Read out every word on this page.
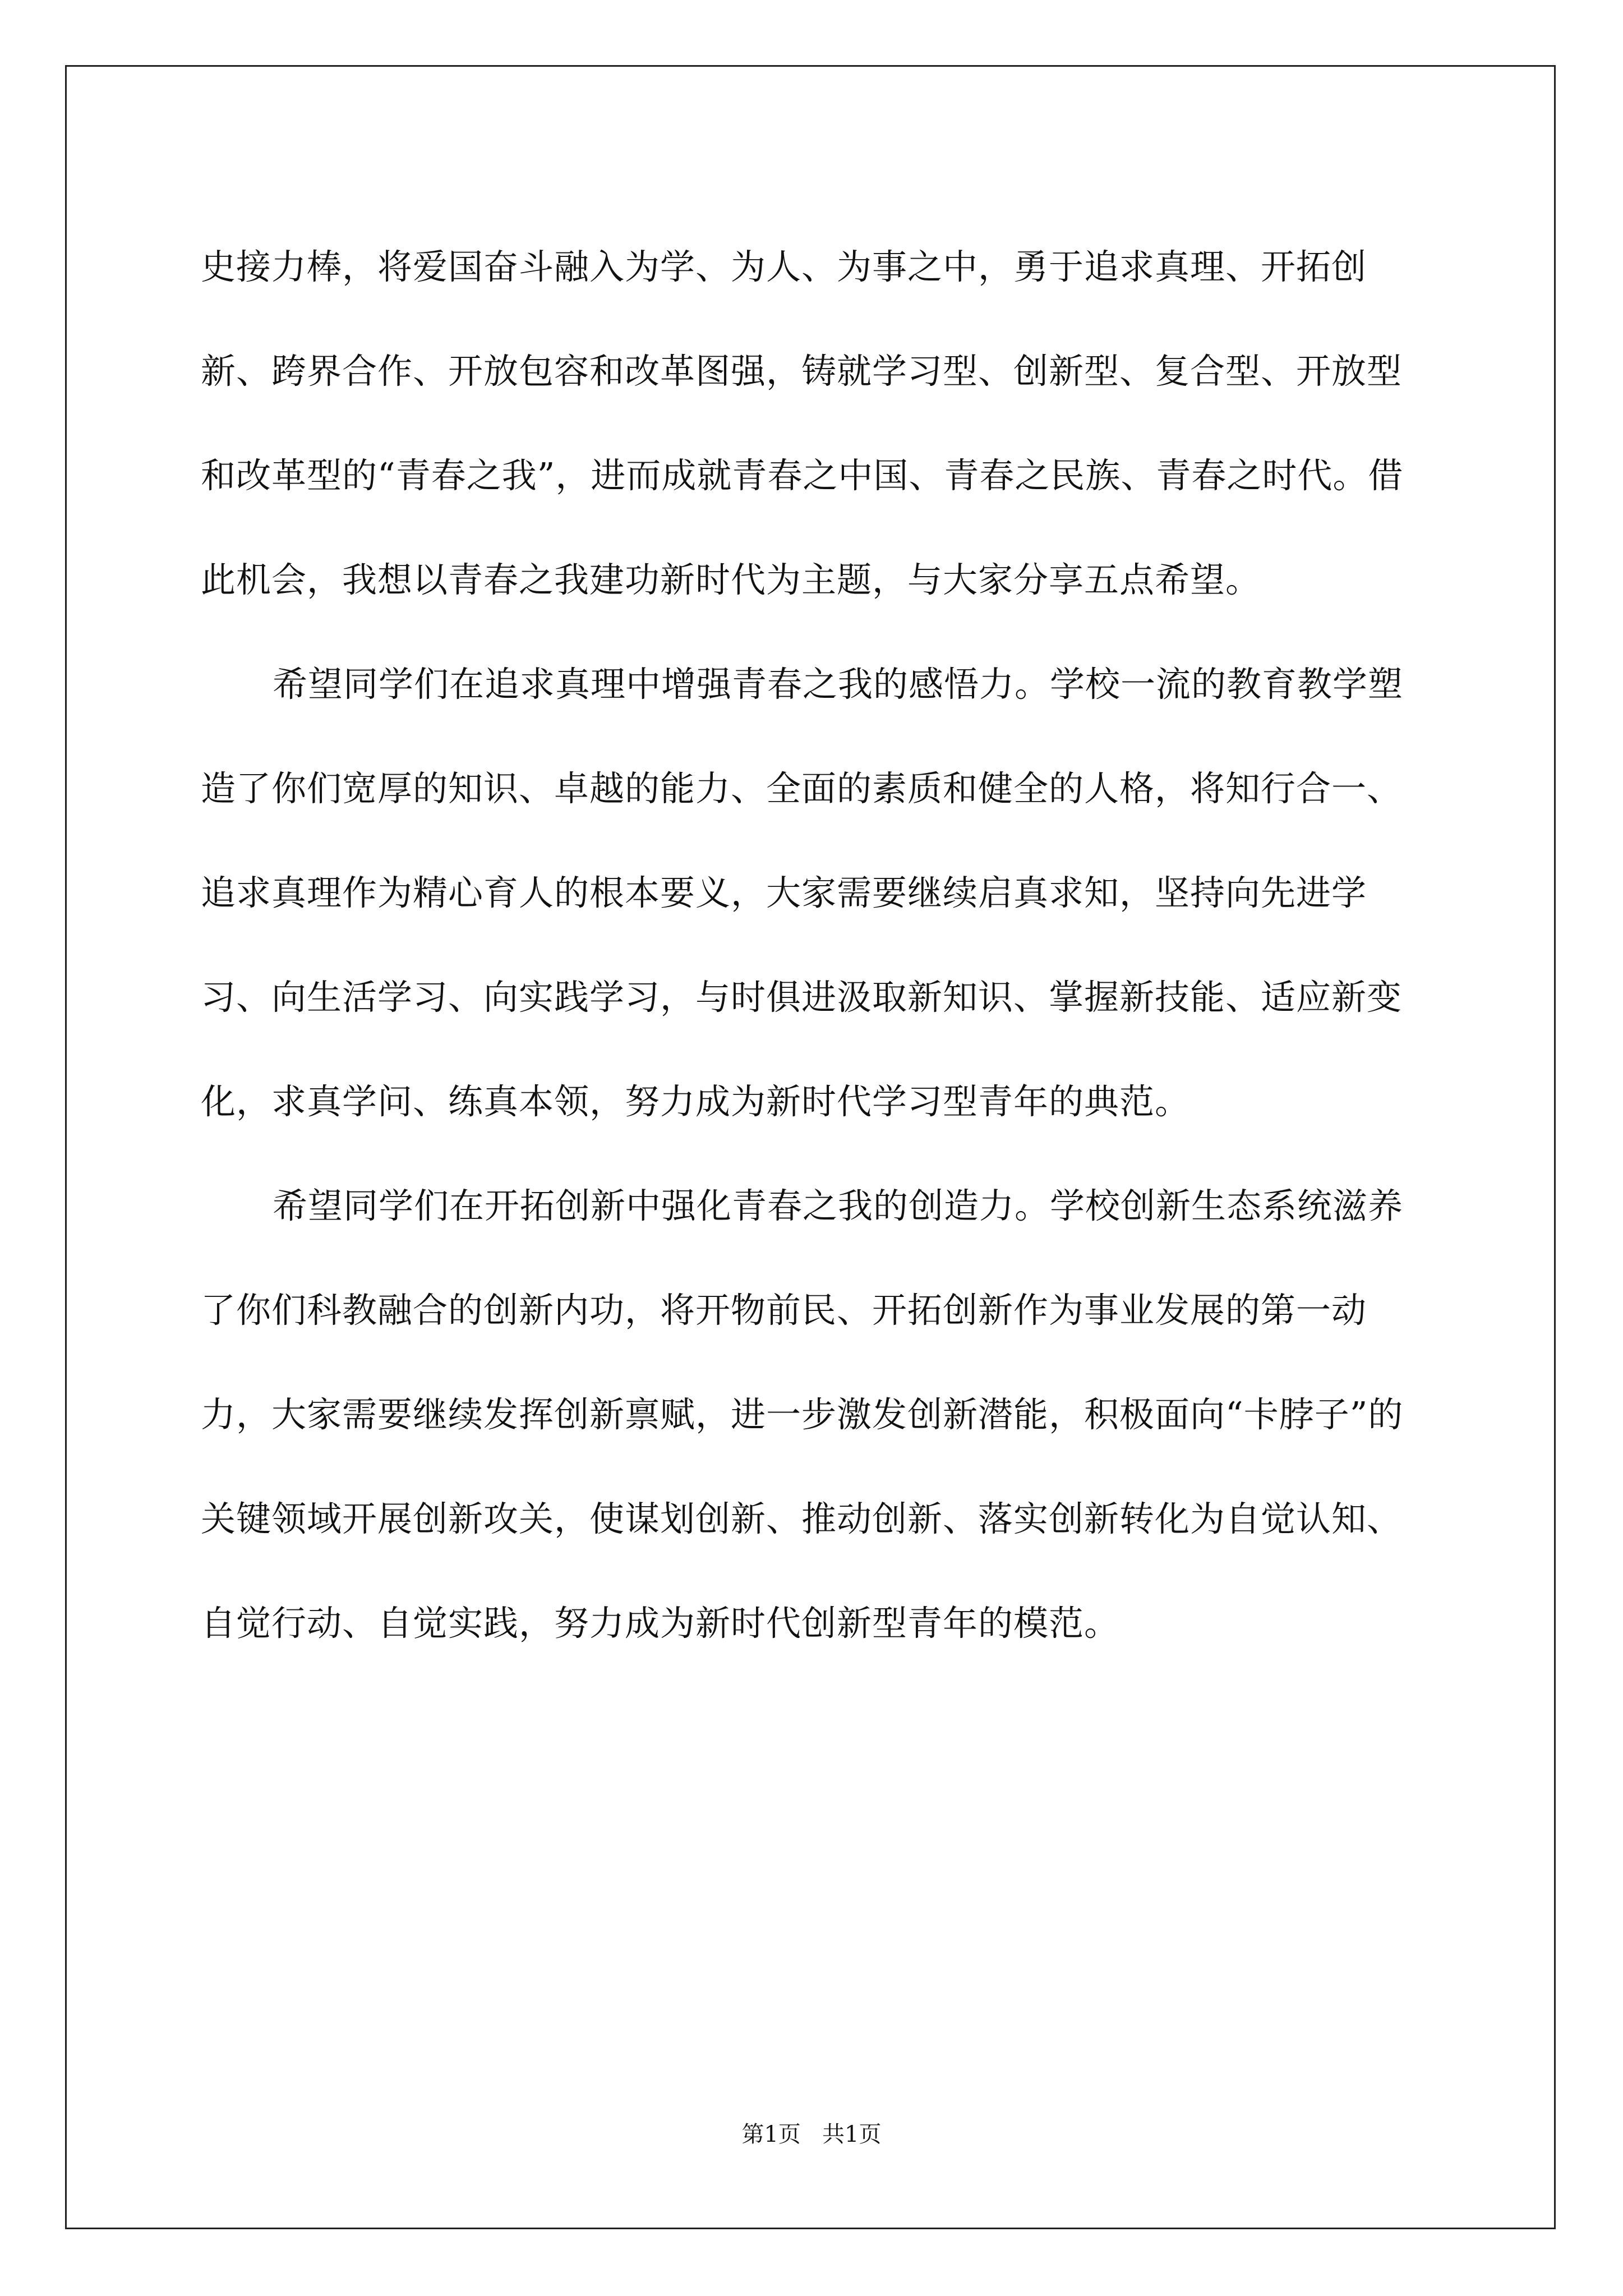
史接力棒，将爱国奋斗融入为学、为人、为事之中，勇于追求真理、开拓创新、跨界合作、开放包容和改革图强，铸就学习型、创新型、复合型、开放型和改革型的“青春之我”，进而成就青春之中国、青春之民族、青春之时代。借此机会，我想以青春之我建功新时代为主题，与大家分享五点希望。

希望同学们在追求真理中增强青春之我的感悟力。学校一流的教育教学塑造了你们宽厚的知识、卓越的能力、全面的素质和健全的人格，将知行合一、追求真理作为精心育人的根本要义，大家需要继续启真求知，坚持向先进学习、向生活学习、向实践学习，与时俱进汲取新知识、掌握新技能、适应新变化，求真学问、练真本领，努力成为新时代学习型青年的典范。

希望同学们在开拓创新中强化青春之我的创造力。学校创新生态系统滋养了你们科教融合的创新内功，将开物前民、开拓创新作为事业发展的第一动力，大家需要继续发挥创新禀赋，进一步激发创新潜能，积极面向“卡脖子”的关键领域开展创新攻关，使谋划创新、推动创新、落实创新转化为自觉认知、自觉行动、自觉实践，努力成为新时代创新型青年的模范。

第1页   共1页
